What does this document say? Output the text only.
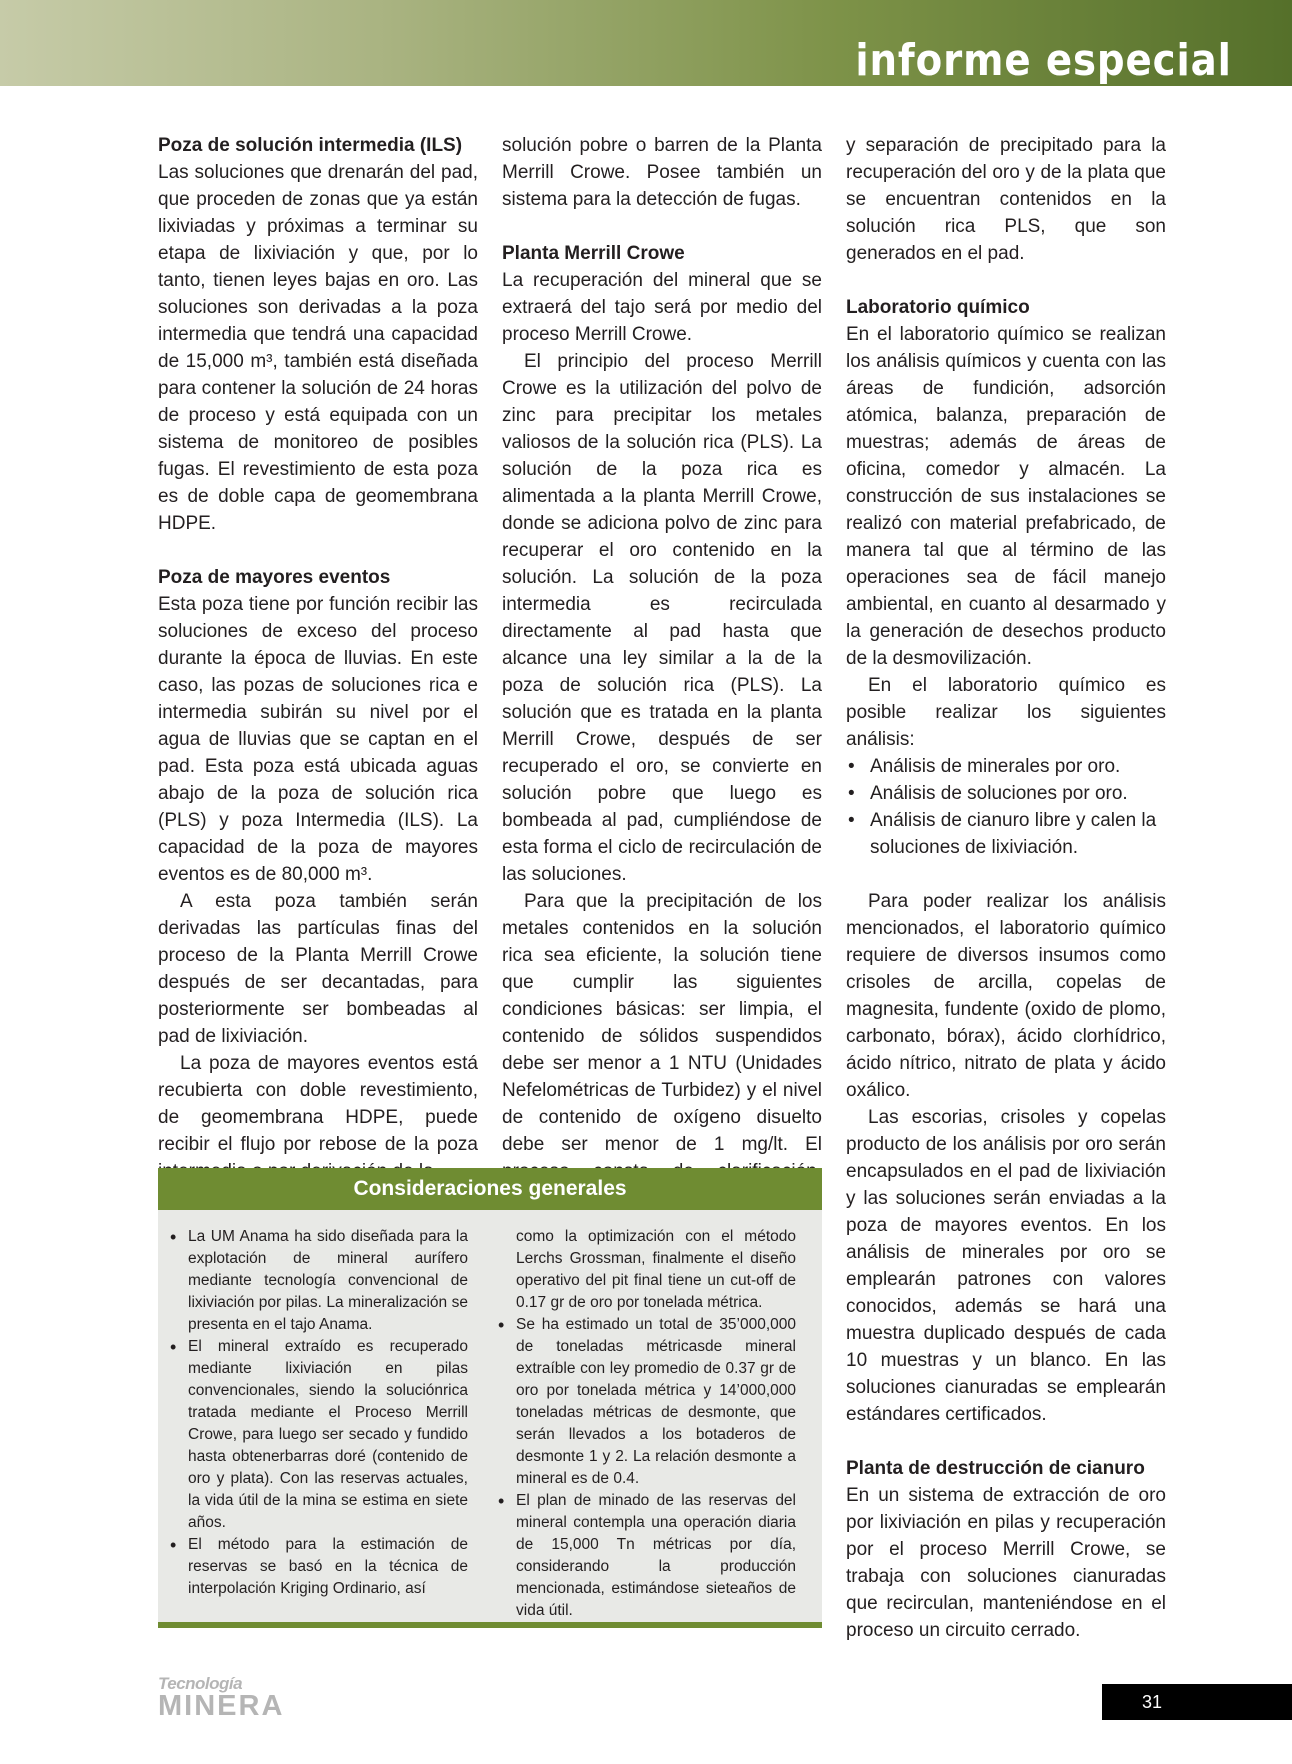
informe especial
Poza de solución intermedia (ILS)

Las soluciones que drenarán del pad, que proceden de zonas que ya están lixiviadas y próximas a terminar su etapa de lixiviación y que, por lo tanto, tienen leyes bajas en oro. Las soluciones son derivadas a la poza intermedia que tendrá una capacidad de 15,000 m³, también está diseñada para contener la solución de 24 horas de proceso y está equipada con un sistema de monitoreo de posibles fugas. El revestimiento de esta poza es de doble capa de geomembrana HDPE.

Poza de mayores eventos

Esta poza tiene por función recibir las soluciones de exceso del proceso durante la época de lluvias. En este caso, las pozas de soluciones rica e intermedia subirán su nivel por el agua de lluvias que se captan en el pad. Esta poza está ubicada aguas abajo de la poza de solución rica (PLS) y poza Intermedia (ILS). La capacidad de la poza de mayores eventos es de 80,000 m³.

A esta poza también serán derivadas las partículas finas del proceso de la Planta Merrill Crowe después de ser decantadas, para posteriormente ser bombeadas al pad de lixiviación.

La poza de mayores eventos está recubierta con doble revestimiento, de geomembrana HDPE, puede recibir el flujo por rebose de la poza

solución pobre o barren de la Planta Merrill Crowe. Posee también un sistema para la detección de fugas.

Planta Merrill Crowe

La recuperación del mineral que se extraerá del tajo será por medio del proceso Merrill Crowe.

El principio del proceso Merrill Crowe es la utilización del polvo de zinc para precipitar los metales valiosos de la solución rica (PLS). La solución de la poza rica es alimentada a la planta Merrill Crowe, donde se adiciona polvo de zinc para recuperar el oro contenido en la solución. La solución de la poza intermedia es recirculada directamente al pad hasta que alcance una ley similar a la de la poza de solución rica (PLS). La solución que es tratada en la planta Merrill Crowe, después de ser recuperado el oro, se convierte en solución pobre que luego es bombeada al pad, cumpliéndose de esta forma el ciclo de recirculación de las soluciones.

Para que la precipitación de los metales contenidos en la solución rica sea eficiente, la solución tiene que cumplir las siguientes condiciones básicas: ser limpia, el contenido de sólidos suspendidos debe ser menor a 1 NTU (Unidades Nefelométricas de Turbidez) y el nivel de contenido de oxígeno disuelto debe ser menor de 1 mg/lt. El

y separación de precipitado para la recuperación del oro y de la plata que se encuentran contenidos en la solución rica PLS, que son generados en el pad.

Laboratorio químico

En el laboratorio químico se realizan los análisis químicos y cuenta con las áreas de fundición, adsorción atómica, balanza, preparación de muestras; además de áreas de oficina, comedor y almacén. La construcción de sus instalaciones se realizó con material prefabricado, de manera tal que al término de las operaciones sea de fácil manejo ambiental, en cuanto al desarmado y la generación de desechos producto de la desmovilización.

En el laboratorio químico es posible realizar los siguientes análisis:

• Análisis de minerales por oro.
• Análisis de soluciones por oro.
• Análisis de cianuro libre y calen la soluciones de lixiviación.

Para poder realizar los análisis mencionados, el laboratorio químico requiere de diversos insumos como crisoles de arcilla, copelas de magnesita, fundente (oxido de plomo, carbonato, bórax), ácido clorhídrico, ácido nítrico, nitrato de plata y ácido oxálico.

Las escorias, crisoles y copelas producto de los análisis por oro serán encapsulados en el pad de lixiviación y las soluciones serán enviadas a la poza de mayores eventos. En los análisis de minerales por oro se emplearán patrones con valores conocidos, además se hará una muestra duplicado después de cada 10 muestras y un blanco. En las soluciones cianuradas se emplearán estándares certificados.

Planta de destrucción de cianuro

En un sistema de extracción de oro por lixiviación en pilas y recuperación por el proceso Merrill Crowe, se trabaja con soluciones cianuradas que recirculan, manteniéndose en el proceso un circuito cerrado.

Consideraciones generales
• La UM Anama ha sido diseñada para la explotación de mineral aurífero mediante tecnología convencional de lixiviación por pilas. La mineralización se presenta en el tajo Anama.
• El mineral extraído es recuperado mediante lixiviación en pilas convencionales, siendo la soluciónrica tratada mediante el Proceso Merrill Crowe, para luego ser secado y fundido hasta obtenerbarras doré (contenido de oro y plata). Con las reservas actuales, la vida útil de la mina se estima en siete años.
• El método para la estimación de reservas se basó en la técnica de interpolación Kriging Ordinario, así
como la optimización con el método Lerchs Grossman, finalmente el diseño operativo del pit final tiene un cut-off de 0.17 gr de oro por tonelada métrica.
• Se ha estimado un total de 35’000,000 de toneladas métricasde mineral extraíble con ley promedio de 0.37 gr de oro por tonelada métrica y 14’000,000 toneladas métricas de desmonte, que serán llevados a los botaderos de desmonte 1 y 2. La relación desmonte a mineral es de 0.4.
• El plan de minado de las reservas del mineral contempla una operación diaria de 15,000 Tn métricas por día, considerando la producción mencionada, estimándose sieteaños de vida útil.
Tecnología
MINERA	31
